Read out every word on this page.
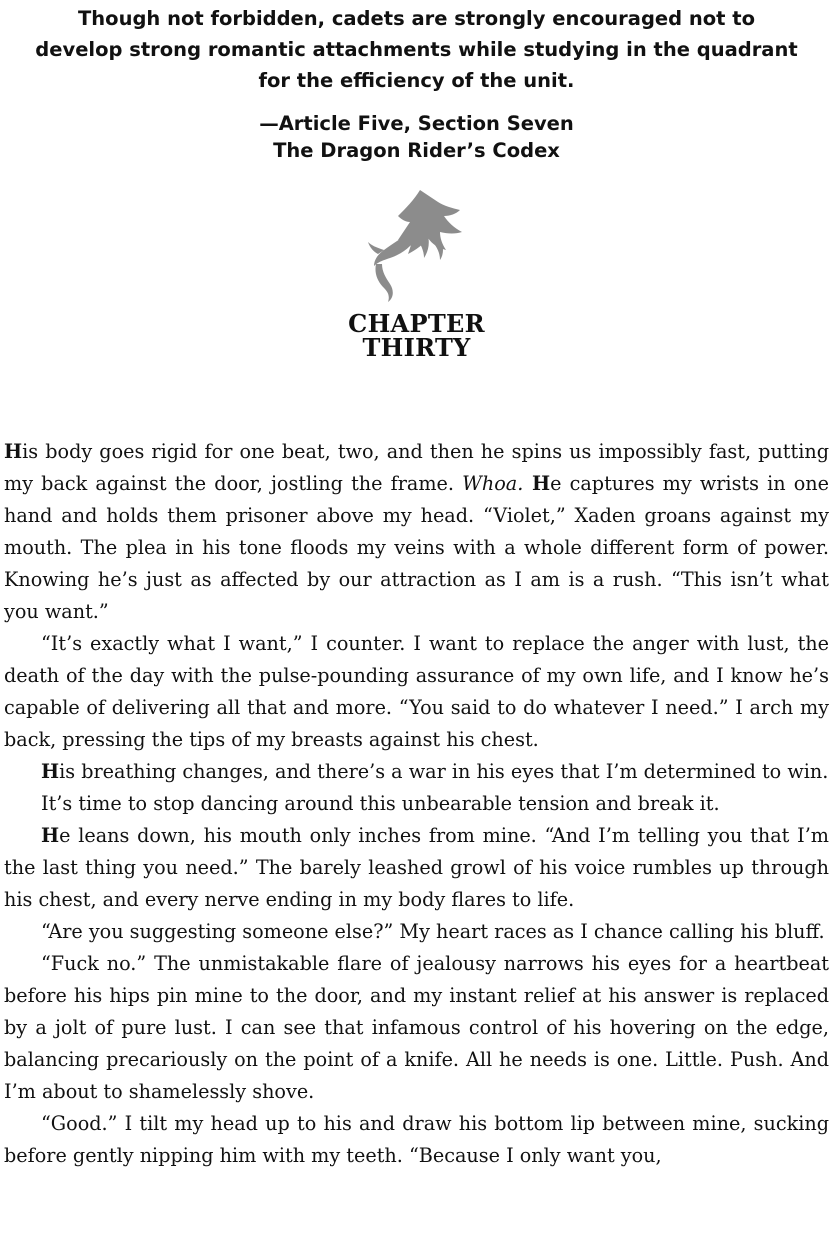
Though not forbidden, cadets are strongly encouraged not to develop strong romantic attachments while studying in the quadrant for the efficiency of the unit.
—Article Five, Section Seven
The Dragon Rider’s Codex
CHAPTER
THIRTY

His body goes rigid for one beat, two, and then he spins us impossibly fast, putting my back against the door, jostling the frame. Whoa. He captures my wrists in one hand and holds them prisoner above my head. “Violet,” Xaden groans against my mouth. The plea in his tone floods my veins with a whole different form of power. Knowing he’s just as affected by our attraction as I am is a rush. “This isn’t what you want.”

“It’s exactly what I want,” I counter. I want to replace the anger with lust, the death of the day with the pulse-pounding assurance of my own life, and I know he’s capable of delivering all that and more. “You said to do whatever I need.” I arch my back, pressing the tips of my breasts against his chest.

His breathing changes, and there’s a war in his eyes that I’m determined to win.

It’s time to stop dancing around this unbearable tension and break it.

He leans down, his mouth only inches from mine. “And I’m telling you that I’m the last thing you need.” The barely leashed growl of his voice rumbles up through his chest, and every nerve ending in my body flares to life.

“Are you suggesting someone else?” My heart races as I chance calling his bluff.

“Fuck no.” The unmistakable flare of jealousy narrows his eyes for a heartbeat before his hips pin mine to the door, and my instant relief at his answer is replaced by a jolt of pure lust. I can see that infamous control of his hovering on the edge, balancing precariously on the point of a knife. All he needs is one. Little. Push. And I’m about to shamelessly shove.

“Good.” I tilt my head up to his and draw his bottom lip between mine, sucking before gently nipping him with my teeth. “Because I only want you,
